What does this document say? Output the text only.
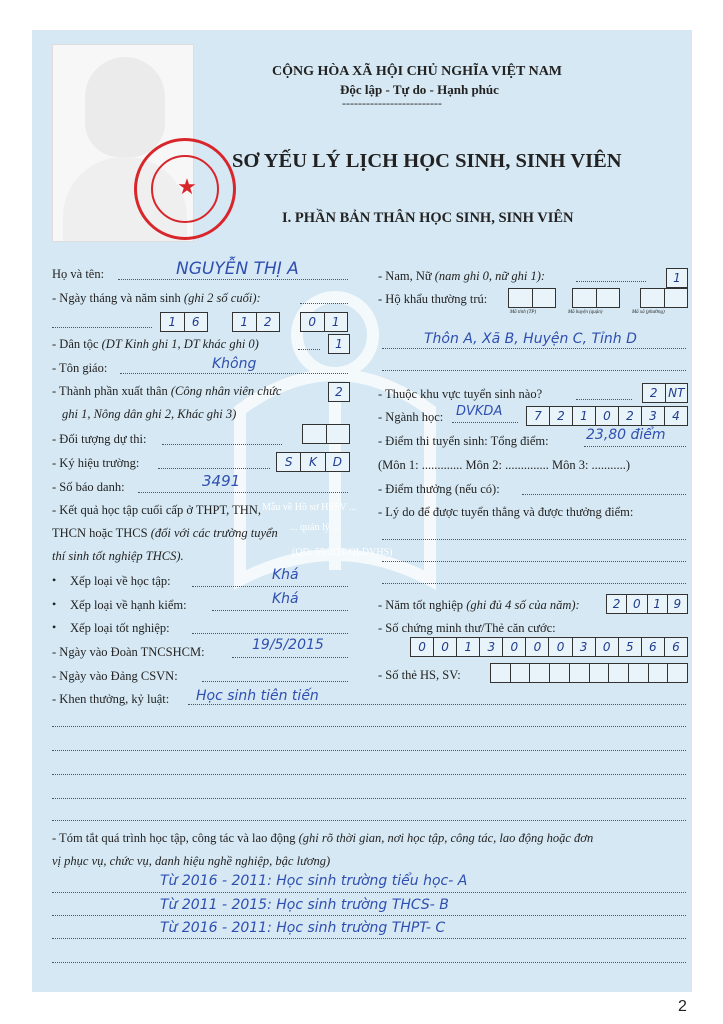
Mẫu về Hồ sơ HSSV ...
... quản lý ...
(QĐ: 55/2QT-QLĐVHS)
★
CỘNG HÒA XÃ HỘI CHỦ NGHĨA VIỆT NAM
Độc lập - Tự do - Hạnh phúc
-------------------------
SƠ YẾU LÝ LỊCH HỌC SINH, SINH VIÊN
I. PHẦN BẢN THÂN HỌC SINH, SINH VIÊN
Họ và tên:	NGUYỄN THỊ A
- Ngày tháng và năm sinh (ghi 2 số cuối):
1	6	1	2	0	1
- Dân tộc (DT Kinh ghi 1, DT khác ghi 0)	1
- Tôn giáo:	Không
- Thành phần xuất thân (Công nhân viên chức
ghi 1, Nông dân ghi 2, Khác ghi 3)
2
- Đối tượng dự thi:
- Ký hiệu trường:	S	K	D
- Số báo danh:	3491
- Kết quả học tập cuối cấp ở THPT, THN,
THCN hoặc THCS (đối với các trường tuyển
thí sinh tốt nghiệp THCS).
• Xếp loại về học tập:	Khá
• Xếp loại về hạnh kiểm:	Khá
• Xếp loại tốt nghiệp:
- Ngày vào Đoàn TNCSHCM:	19/5/2015
- Ngày vào Đảng CSVN:
- Nam, Nữ (nam ghi 0, nữ ghi 1):	1
- Hộ khẩu thường trú:
Mã tỉnh (TP)	Mã huyện (quận)	Mã xã (phường)
Thôn A, Xã B, Huyện C, Tỉnh D
- Thuộc khu vực tuyển sinh nào?	2 NT
- Ngành học: DVKDA	7	2	1	0	2	3	4
- Điểm thi tuyển sinh: Tổng điểm:	23,80 điểm
(Môn 1: ............. Môn 2: .............. Môn 3: ...........)
- Điểm thưởng (nếu có):
- Lý do để được tuyển thẳng và được thưởng điểm:
- Năm tốt nghiệp (ghi đủ 4 số của năm):	2	0	1	9
- Số chứng minh thư/Thẻ căn cước:
0	0	1	3	0	0	0	3	0	5	6	6
- Số thẻ HS, SV:
- Khen thưởng, kỷ luật: Học sinh tiên tiến
- Tóm tắt quá trình học tập, công tác và lao động (ghi rõ thời gian, nơi học tập, công tác, lao động hoặc đơn
vị phục vụ, chức vụ, danh hiệu nghề nghiệp, bậc lương)
Từ 2016 - 2011: Học sinh trường tiểu học- A
Từ 2011 - 2015: Học sinh trường THCS- B
Từ 2016 - 2011: Học sinh trường THPT- C
2
